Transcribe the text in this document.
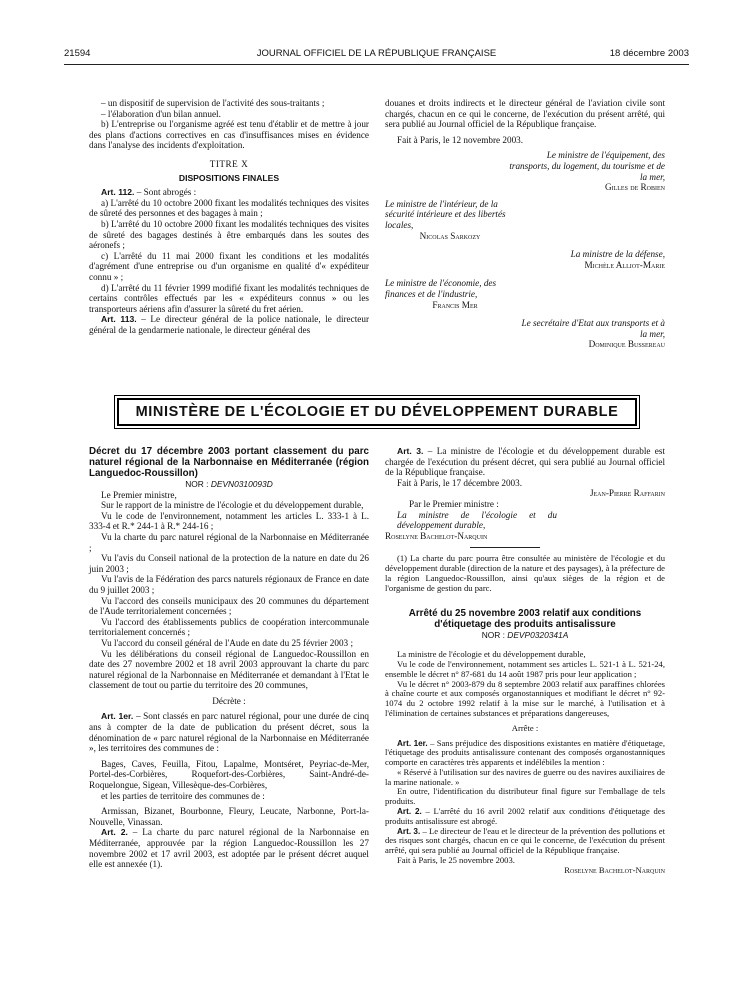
21594	JOURNAL OFFICIEL DE LA RÉPUBLIQUE FRANÇAISE	18 décembre 2003

– un dispositif de supervision de l'activité des sous-traitants ;

– l'élaboration d'un bilan annuel.

b) L'entreprise ou l'organisme agréé est tenu d'établir et de mettre à jour des plans d'actions correctives en cas d'insuffisances mises en évidence dans l'analyse des incidents d'exploitation.

TITRE X

DISPOSITIONS FINALES

Art. 112. – Sont abrogés :

a) L'arrêté du 10 octobre 2000 fixant les modalités techniques des visites de sûreté des personnes et des bagages à main ;

b) L'arrêté du 10 octobre 2000 fixant les modalités techniques des visites de sûreté des bagages destinés à être embarqués dans les soutes des aéronefs ;

c) L'arrêté du 11 mai 2000 fixant les conditions et les modalités d'agrément d'une entreprise ou d'un organisme en qualité d'« expéditeur connu » ;

d) L'arrêté du 11 février 1999 modifié fixant les modalités techniques de certains contrôles effectués par les « expéditeurs connus » ou les transporteurs aériens afin d'assurer la sûreté du fret aérien.

Art. 113. – Le directeur général de la police nationale, le directeur général de la gendarmerie nationale, le directeur général des

douanes et droits indirects et le directeur général de l'aviation civile sont chargés, chacun en ce qui le concerne, de l'exécution du présent arrêté, qui sera publié au Journal officiel de la République française.

Fait à Paris, le 12 novembre 2003.

Le ministre de l'équipement, des transports, du logement, du tourisme et de la mer,

Gilles de Robien

Le ministre de l'intérieur, de la sécurité intérieure et des libertés locales,

Nicolas Sarkozy

La ministre de la défense,

Michèle Alliot-Marie

Le ministre de l'économie, des finances et de l'industrie,

Francis Mer

Le secrétaire d'Etat aux transports et à la mer,

Dominique Bussereau

MINISTÈRE DE L'ÉCOLOGIE ET DU DÉVELOPPEMENT DURABLE

Décret du 17 décembre 2003 portant classement du parc naturel régional de la Narbonnaise en Méditerranée (région Languedoc-Roussillon)

NOR : DEVN0310093D

Le Premier ministre,

Sur le rapport de la ministre de l'écologie et du développement durable,

Vu le code de l'environnement, notamment les articles L. 333-1 à L. 333-4 et R.* 244-1 à R.* 244-16 ;

Vu la charte du parc naturel régional de la Narbonnaise en Méditerranée ;

Vu l'avis du Conseil national de la protection de la nature en date du 26 juin 2003 ;

Vu l'avis de la Fédération des parcs naturels régionaux de France en date du 9 juillet 2003 ;

Vu l'accord des conseils municipaux des 20 communes du département de l'Aude territorialement concernées ;

Vu l'accord des établissements publics de coopération intercommunale territorialement concernés ;

Vu l'accord du conseil général de l'Aude en date du 25 février 2003 ;

Vu les délibérations du conseil régional de Languedoc-Roussillon en date des 27 novembre 2002 et 18 avril 2003 approuvant la charte du parc naturel régional de la Narbonnaise en Méditerranée et demandant à l'Etat le classement de tout ou partie du territoire des 20 communes,

Décrète :

Art. 1er. – Sont classés en parc naturel régional, pour une durée de cinq ans à compter de la date de publication du présent décret, sous la dénomination de « parc naturel régional de la Narbonnaise en Méditerranée », les territoires des communes de :

Bages, Caves, Feuilla, Fitou, Lapalme, Montséret, Peyriac-de-Mer, Portel-des-Corbières, Roquefort-des-Corbières, Saint-André-de-Roquelongue, Sigean, Villesèque-des-Corbières,

et les parties de territoire des communes de :

Armissan, Bizanet, Bourbonne, Fleury, Leucate, Narbonne, Port-la-Nouvelle, Vinassan.

Art. 2. – La charte du parc naturel régional de la Narbonnaise en Méditerranée, approuvée par la région Languedoc-Roussillon les 27 novembre 2002 et 17 avril 2003, est adoptée par le présent décret auquel elle est annexée (1).

Art. 3. – La ministre de l'écologie et du développement durable est chargée de l'exécution du présent décret, qui sera publié au Journal officiel de la République française.

Fait à Paris, le 17 décembre 2003.

Jean-Pierre Raffarin

Par le Premier ministre :

La ministre de l'écologie et du développement durable,

Roselyne Bachelot-Narquin

(1) La charte du parc pourra être consultée au ministère de l'écologie et du développement durable (direction de la nature et des paysages), à la préfecture de la région Languedoc-Roussillon, ainsi qu'aux sièges de la région et de l'organisme de gestion du parc.

Arrêté du 25 novembre 2003 relatif aux conditions d'étiquetage des produits antisalissure

NOR : DEVP0320341A

La ministre de l'écologie et du développement durable,

Vu le code de l'environnement, notamment ses articles L. 521-1 à L. 521-24, ensemble le décret n° 87-681 du 14 août 1987 pris pour leur application ;

Vu le décret n° 2003-879 du 8 septembre 2003 relatif aux paraffines chlorées à chaîne courte et aux composés organostanniques et modifiant le décret n° 92-1074 du 2 octobre 1992 relatif à la mise sur le marché, à l'utilisation et à l'élimination de certaines substances et préparations dangereuses,

Arrête :

Art. 1er. – Sans préjudice des dispositions existantes en matière d'étiquetage, l'étiquetage des produits antisalissure contenant des composés organostanniques comporte en caractères très apparents et indélébiles la mention :

« Réservé à l'utilisation sur des navires de guerre ou des navires auxiliaires de la marine nationale. »

En outre, l'identification du distributeur final figure sur l'emballage de tels produits.

Art. 2. – L'arrêté du 16 avril 2002 relatif aux conditions d'étiquetage des produits antisalissure est abrogé.

Art. 3. – Le directeur de l'eau et le directeur de la prévention des pollutions et des risques sont chargés, chacun en ce qui le concerne, de l'exécution du présent arrêté, qui sera publié au Journal officiel de la République française.

Fait à Paris, le 25 novembre 2003.

Roselyne Bachelot-Narquin
